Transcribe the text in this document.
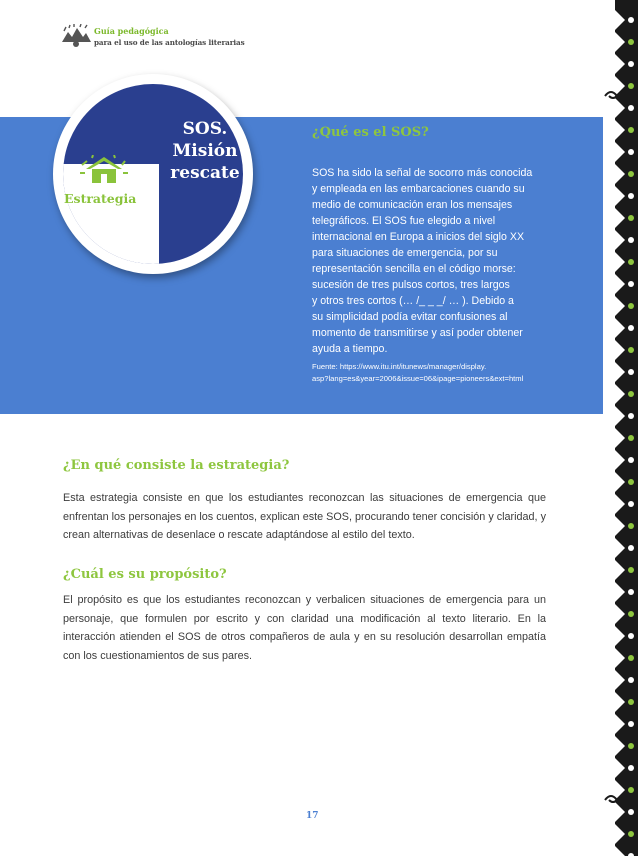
Guía pedagógica
para el uso de las antologías literarias
SOS.
Misión
rescate
Estrategia
¿Qué es el SOS?
SOS ha sido la señal de socorro más conocida
y empleada en las embarcaciones cuando su
medio de comunicación eran los mensajes
telegráficos. El SOS fue elegido a nivel
internacional en Europa a inicios del siglo XX
para situaciones de emergencia, por su
representación sencilla en el código morse:
sucesión de tres pulsos cortos, tres largos
y otros tres cortos (… /_ _ _/ … ). Debido a
su simplicidad podía evitar confusiones al
momento de transmitirse y así poder obtener
ayuda a tiempo.
Fuente: https://www.itu.int/itunews/manager/display.
asp?lang=es&year=2006&issue=06&ipage=pioneers&ext=html
¿En qué consiste la estrategia?
Esta estrategia consiste en que los estudiantes reconozcan las situaciones de emergencia que enfrentan los personajes en los cuentos, explican este SOS, procurando tener concisión y claridad, y crean alternativas de desenlace o rescate adaptándose al estilo del texto.
¿Cuál es su propósito?
El propósito es que los estudiantes reconozcan y verbalicen situaciones de emergencia para un personaje, que formulen por escrito y con claridad una modificación al texto literario. En la interacción atienden el SOS de otros compañeros de aula y en su resolución desarrollan empatía con los cuestionamientos de sus pares.
17
